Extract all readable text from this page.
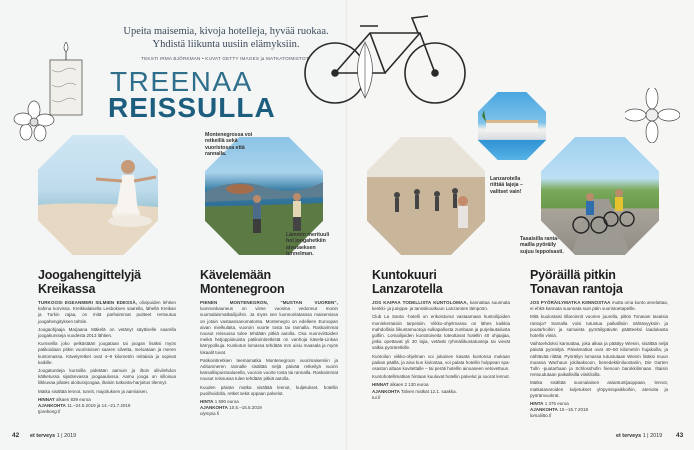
Upeita maisemia, kivoja hotelleja, hyvää ruokaa.
Yhdistä liikunta uusiin elämyksiin.
TEKSTI IRMA BJÖRKMAN • KUVAT GETTY IMAGES ja MATKATOIMISTOT
TREENAA
REISSULLA
Montenegrossa voi retkeillä sekä vuoristossa että rannalla.
Lämmin merituuli hoi joogahetkiin aivutaeksen tunnelman.
Lanzarotella riittää lajeja – valitset vain!
Tasaisilla ranta-mailla pyöräily sujuu leppoisasti.
Joogahengittelyjä
Kreikassa

TURKOOSI EGEANMERI SILMIEN EDESSÄ, olivipuiden lehtien kahina korvissa. Kreikkalaisella Lesboksen saarella, lähellä Kreikan ja Turkin rajaa, on mitä parhaimmat puitteet rentoutua joogahengityksen tahtiin.

Joogaohjaaja Marjaana Mäkelä on vetänyt säyttiselle saarella joogakursseja vuodesta 2013 lähtien.

Kursseilla joko pelkästään joogataan tai joogan lisäksi myös patikoidaan pitkin vuoristoisen saaren silvetta, meloataan ja meren kuntomassa. Kävelyretket ovat 4–9 kilometrin mittaisia ja sopivat kaikille.

Joogatuntieja kurssilla pidetään aamuin ja iltoin oliivilehdon kätketussa sijaitsevassa joogaaulussa. Aamu jooga on silloisua liikkuvaa pilates aloitussjoogaa, iltaisin tutkunta-harjoitus tilennyt.

Matka sisältää lennot, tunnit, majoituksen ja aamiaisen.

HINNAT alkaen 839 euroa
AJANKOHTA 11.–24.5.2019 ja 14.–21.7.2019
tjarebong.fi
Kävelemään
Montenegroon

PIENEN MONTENEGRON, "MUSTAN VUOREN", luonnonkauneus on viime vuosina vedonnut monin suomalaismatkailijoihin. Ja myös sen luonnonlatasssa maisemissa on jotain vastaansanomatonta. Montenegro on edelleen Euroopan aivan mielkulaita, vuoroin vuorte tosta tai rannalla. Raskaimmat nousut reissussa tulee tehdään pitkiä autolla. Osa vuoroviittoiden meikä hetjoppiukuista patikointiretkistä on vanhoja kävelä-Linkan kärrypolkuja. Kunkotun lomassa tehdään mm uisiu maasala ja myös lokaalit tuvat.

Patikointiretkien teemamatka Montenegroon vuorimaisemiin ja Adrianmeren rannalle sisältää neljä päivää retkeilyä vuorin kansallispuistoalueella, vuoroin vuorte tosta tai rannalla. Raskaimmat nousut reissussa tulee tehdään pitkiä autolla.

Kuuden päivän matka sisältää lennot, kuljetukset, hotellin puolihoidolla, retket sekä oppaan palvelut.

HINTA 1 590 euroa
AJANKOHTA 10.5.–15.5.2019
olympia.fi
Kuntokuuri
Lanzarotella

JOS KAIPAA TODELLISTA KUNTOLOMAA, kannattaa suunnata kenkki- ja jumppa- ja tanssikoutkuun Lanzaroten lämpöön.

Club La Santa -hotelli on erikoistunut vastaamaan kuntoilijoiden moninkertaisiin tarpeisiin. Viikko-ohjelmassa on lähes kaikkia mahdollisia liikuntamuotoja sulkapallosta zumbaan ja purjelautailusta golfiin. Lomailijoiden kuntotoiveita toteuttavat hotellin 40 ohjaajaa, jotka opettavat yli 30 lajia, vetävät ryhmäliikuntatunteja tai vievät valkia pyöräretkille.

Kuntoilun viikko-ohjelman voi jokainen kasata kuntonsa mukaan paikan päällä, ja aina kun kiolostaa, voi palata hotellin hulppean spa-osaston altaan kuvitettalle – tai peräti hotellin ainoaseen vetovettuun.

Kuntohotellimatkan hintaan kuuluvat hotellin palvelut ja suorat lennot.

HINNAT alkaen 2 130 euroa
AJANKOHTA Talven matkat 12.1. saakka.
tui.fi
Pyöräillä pitkin
Tonavan rantoja

JOS PYÖRÄILYMATKA KIINNOSTAA mutta oma kunto arveluttaa, ei ehkä kannata suunnata suin päin vuoristoetapeille.

Mitä kuulostaisi tillaroinnit vuorien juurella, pitkin Tonavan tasaisia rantoja? Samalla voisi tutustua paikallisiin nähtävyyksiin ja puutarhoihin ja samaista pyöräilypäivän päätteeksi laadukasta hotellin viiniä.

Vaihtoehdoksi kannattaa, joka alkaa ja päättyy Wienin, sisältää neljä päivää pyöräilyä. Päivämatkat ovat 40–50 kilometrin hujakoilla, ja nähtävää riittää. Pyöräilyn lomassa tutustutaan Wienin lisäksi muun muassa Wachaun jokilaaksoon, benedektiiniluostariin, Die Garten Tulln -puutarhaan ja Schlosshofin hienoon barokkilinnaan. Iltaisin rentoudutaan paikallisilla viinitiloilla.

Matka sisältää suomalaisen asiantuntijaoppaan, lennot, matkatavaroiden kuljetukset ylöpymispaikkoihin, aterioita ja pyöränvuokrat.

HINTA 1 375 euroa
AJANKOHTA 10.–15.7.2019
lomaliitto.fi
42 et terveys 1 | 2019	et terveys 1 | 2019 43
